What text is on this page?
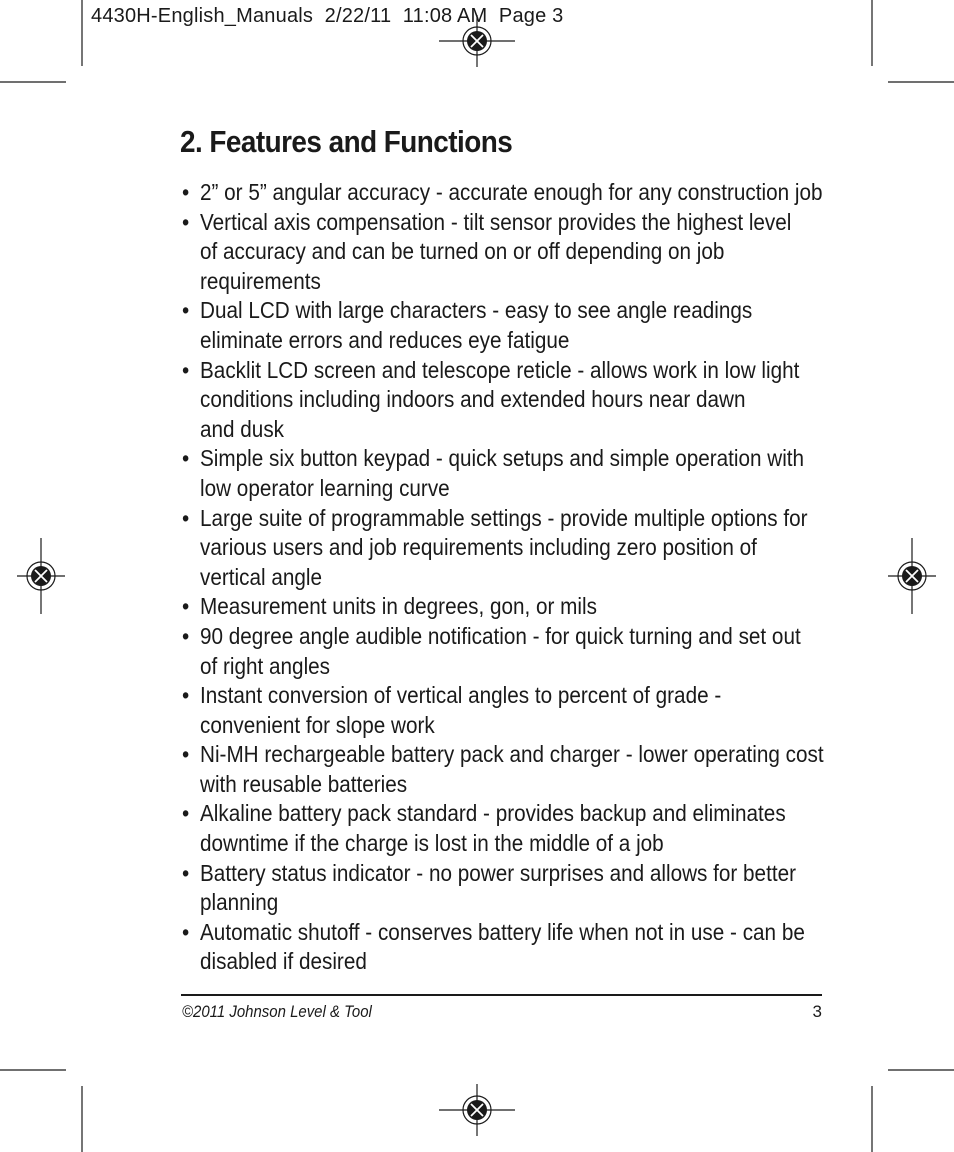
4430H-English_Manuals  2/22/11  11:08 AM  Page 3
2. Features and Functions
• 2” or 5” angular accuracy - accurate enough for any construction job
• Vertical axis compensation - tilt sensor provides the highest level
of accuracy and can be turned on or off depending on job
requirements
• Dual LCD with large characters - easy to see angle readings
eliminate errors and reduces eye fatigue
• Backlit LCD screen and telescope reticle - allows work in low light
conditions including indoors and extended hours near dawn
and dusk
• Simple six button keypad - quick setups and simple operation with
low operator learning curve
• Large suite of programmable settings - provide multiple options for
various users and job requirements including zero position of
vertical angle
• Measurement units in degrees, gon, or mils
• 90 degree angle audible notification - for quick turning and set out
of right angles
• Instant conversion of vertical angles to percent of grade -
convenient for slope work
• Ni-MH rechargeable battery pack and charger - lower operating cost
with reusable batteries
• Alkaline battery pack standard - provides backup and eliminates
downtime if the charge is lost in the middle of a job
• Battery status indicator - no power surprises and allows for better
planning
• Automatic shutoff - conserves battery life when not in use - can be
disabled if desired
©2011 Johnson Level & Tool	3
